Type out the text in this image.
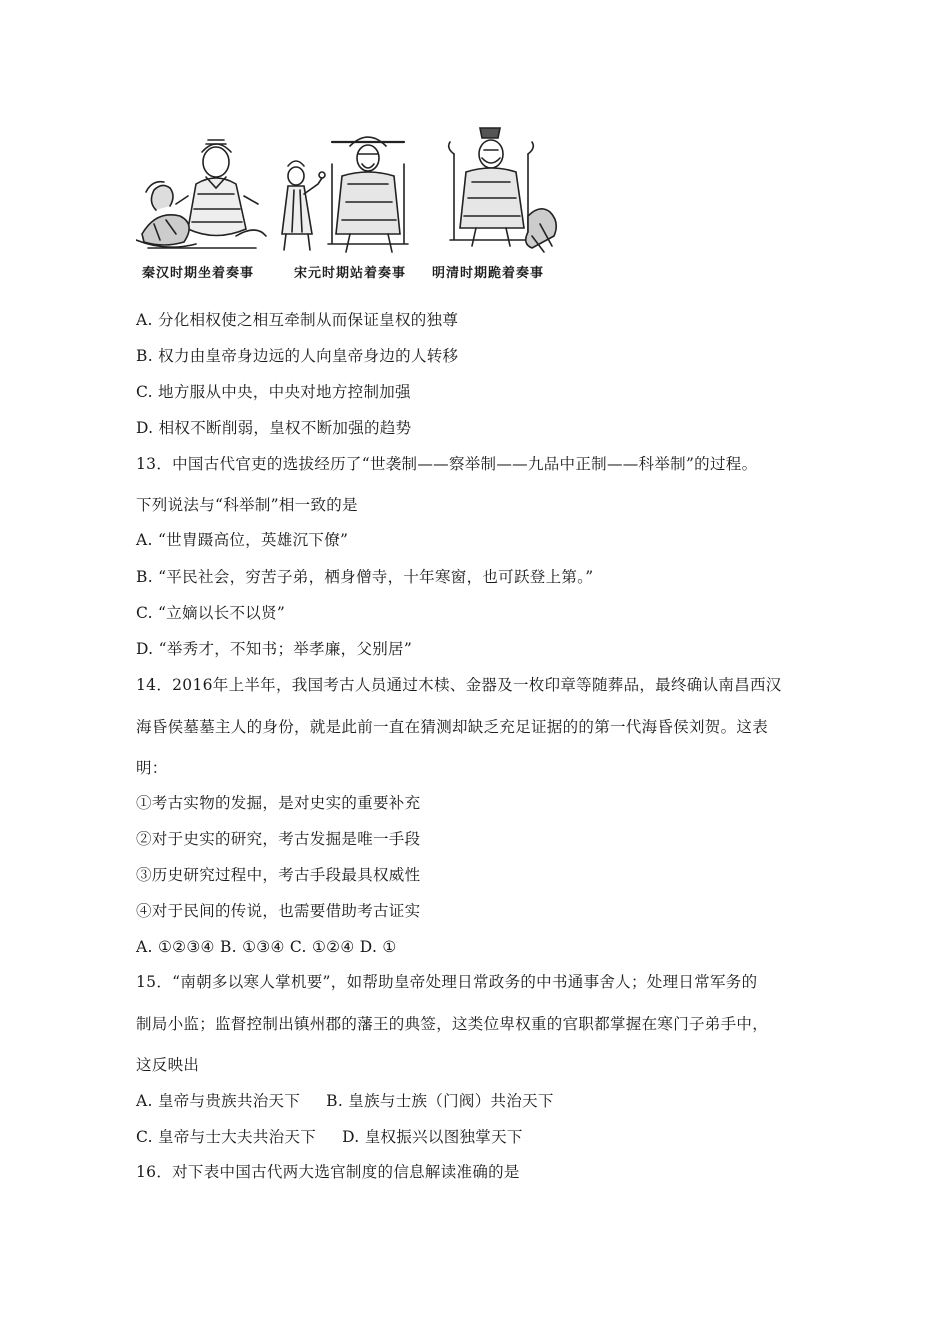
秦汉时期坐着奏事	宋元时期站着奏事 明清时期跪着奏事
A. 分化相权使之相互牵制从而保证皇权的独尊
B. 权力由皇帝身边远的人向皇帝身边的人转移
C. 地方服从中央，中央对地方控制加强
D. 相权不断削弱，皇权不断加强的趋势
13．中国古代官吏的选拔经历了“世袭制——察举制——九品中正制——科举制”的过程。
下列说法与“科举制”相一致的是
A. “世胄蹑高位，英雄沉下僚”
B. “平民社会，穷苦子弟，栖身僧寺，十年寒窗，也可跃登上第。”
C. “立嫡以长不以贤”
D. “举秀才，不知书；举孝廉，父别居”
14．2016年上半年，我国考古人员通过木椟、金器及一枚印章等随葬品，最终确认南昌西汉
海昏侯墓墓主人的身份，就是此前一直在猜测却缺乏充足证据的的第一代海昏侯刘贺。这表
明：
①考古实物的发掘，是对史实的重要补充
②对于史实的研究，考古发掘是唯一手段
③历史研究过程中，考古手段最具权威性
④对于民间的传说，也需要借助考古证实
A. ①②③④ B. ①③④ C. ①②④ D. ①
15．“南朝多以寒人掌机要”，如帮助皇帝处理日常政务的中书通事舍人；处理日常军务的
制局小监；监督控制出镇州郡的藩王的典签，这类位卑权重的官职都掌握在寒门子弟手中，
这反映出
A. 皇帝与贵族共治天下 B. 皇族与士族（门阀）共治天下
C. 皇帝与士大夫共治天下 D. 皇权振兴以图独掌天下
16．对下表中国古代两大选官制度的信息解读准确的是
